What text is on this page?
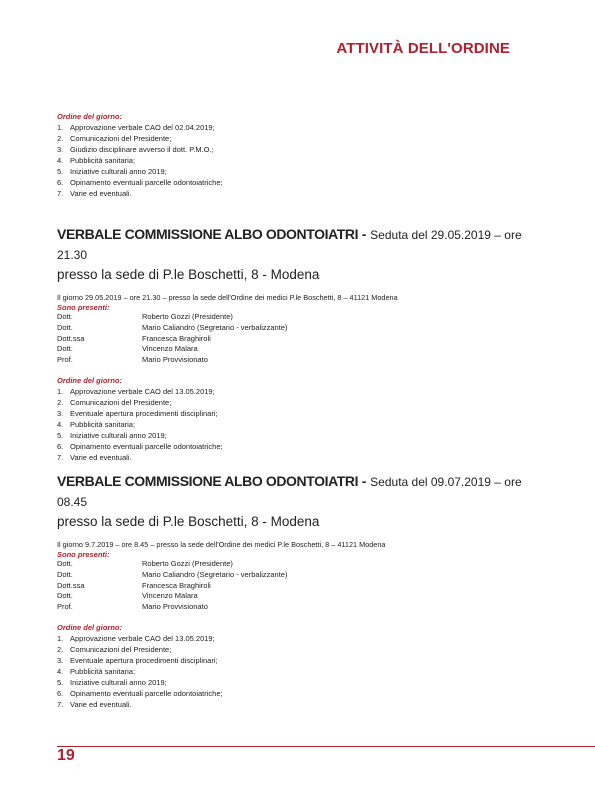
ATTIVITÀ DELL'ORDINE
Ordine del giorno:
1. Approvazione verbale CAO del 02.04.2019;
2. Comunicazioni del Presidente;
3. Giudizio disciplinare avverso il dott. P.M.O.;
4. Pubblicità sanitaria;
5. Iniziative culturali anno 2019;
6. Opinamento eventuali parcelle odontoiatriche;
7. Varie ed eventuali.

VERBALE COMMISSIONE ALBO ODONTOIATRI - Seduta del 29.05.2019 – ore 21.30
presso la sede di P.le Boschetti, 8 - Modena

Il giorno 29.05.2019 – ore 21.30 – presso la sede dell'Ordine dei medici P.le Boschetti, 8 – 41121 Modena
Sono presenti:
Dott.	Roberto Gozzi (Presidente)
Dott.	Mario Caliandro (Segretario - verbalizzante)
Dott.ssa	Francesca Braghiroli
Dott.	Vincenzo Malara
Prof.	Mario Provvisionato
Ordine del giorno:
1. Approvazione verbale CAO del 13.05.2019;
2. Comunicazioni del Presidente;
3. Eventuale apertura procedimenti disciplinari;
4. Pubblicità sanitaria;
5. Iniziative culturali anno 2019;
6. Opinamento eventuali parcelle odontoiatriche;
7. Varie ed eventuali.

VERBALE COMMISSIONE ALBO ODONTOIATRI - Seduta del 09.07.2019 – ore 08.45
presso la sede di P.le Boschetti, 8 - Modena

Il giorno 9.7.2019 – ore 8.45 – presso la sede dell'Ordine dei medici P.le Boschetti, 8 – 41121 Modena
Sono presenti:
Dott.	Roberto Gozzi (Presidente)
Dott.	Mario Caliandro (Segretario - verbalizzante)
Dott.ssa	Francesca Braghiroli
Dott.	Vincenzo Malara
Prof.	Mario Provvisionato
Ordine del giorno:
1. Approvazione verbale CAO del 13.05.2019;
2. Comunicazioni del Presidente;
3. Eventuale apertura procedimenti disciplinari;
4. Pubblicità sanitaria;
5. Iniziative culturali anno 2019;
6. Opinamento eventuali parcelle odontoiatriche;
7. Varie ed eventuali.
19
